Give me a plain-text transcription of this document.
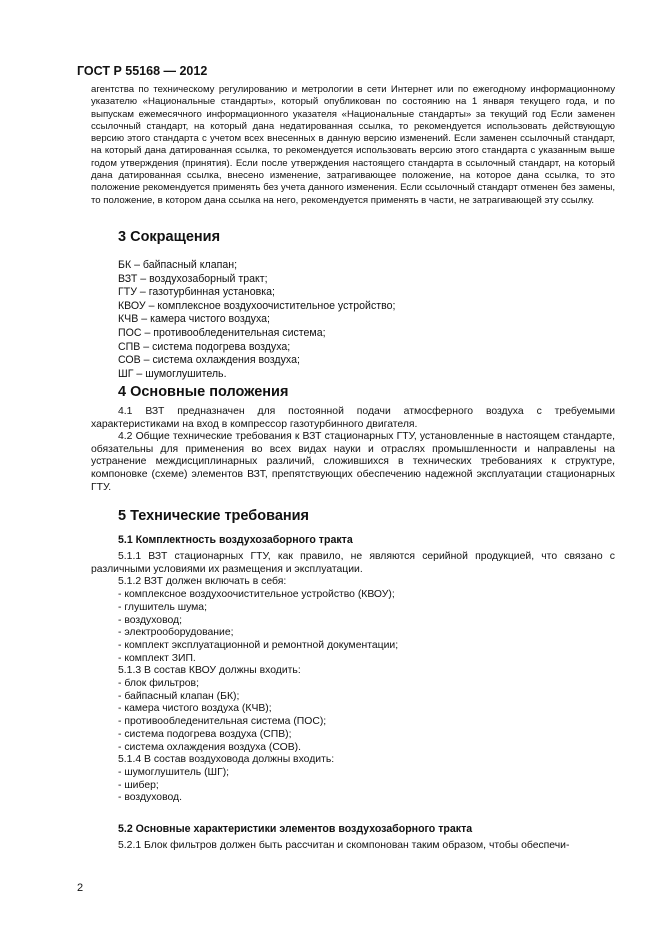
ГОСТ Р 55168 — 2012

агентства по техническому регулированию и метрологии в сети Интернет или по ежегодному информационному указателю «Национальные стандарты», который опубликован по состоянию на 1 января текущего года, и по выпускам ежемесячного информационного указателя «Национальные стандарты» за текущий год Если заменен ссылочный стандарт, на который дана недатированная ссылка, то рекомендуется использовать действующую версию этого стандарта с учетом всех внесенных в данную версию изменений. Если заменен ссылочный стандарт, на который дана датированная ссылка, то рекомендуется использовать версию этого стандарта с указанным выше годом утверждения (принятия). Если после утверждения настоящего стандарта в ссылочный стандарт, на который дана датированная ссылка, внесено изменение, затрагивающее положение, на которое дана ссылка, то это положение рекомендуется применять без учета данного изменения. Если ссылочный стандарт отменен без замены, то положение, в котором дана ссылка на него, рекомендуется применять в части, не затрагивающей эту ссылку.

3 Сокращения
БК – байпасный клапан;
ВЗТ – воздухозаборный тракт;
ГТУ – газотурбинная установка;
КВОУ – комплексное воздухоочистительное устройство;
КЧВ – камера чистого воздуха;
ПОС – противообледенительная система;
СПВ – система подогрева воздуха;
СОВ – система охлаждения воздуха;
ШГ – шумоглушитель.
4 Основные положения

4.1 ВЗТ предназначен для постоянной подачи атмосферного воздуха с требуемыми характеристиками на вход в компрессор газотурбинного двигателя.

4.2 Общие технические требования к ВЗТ стационарных ГТУ, установленные в настоящем стандарте, обязательны для применения во всех видах науки и отраслях промышленности и направлены на устранение междисциплинарных различий, сложившихся в технических требованиях к структуре, компоновке (схеме) элементов ВЗТ, препятствующих обеспечению надежной эксплуатации стационарных ГТУ.

5 Технические требования
5.1 Комплектность воздухозаборного тракта

5.1.1 ВЗТ стационарных ГТУ, как правило, не являются серийной продукцией, что связано с различными условиями их размещения и эксплуатации.

5.1.2 ВЗТ должен включать в себя:

- комплексное воздухоочистительное устройство (КВОУ);
- глушитель шума;
- воздуховод;
- электрооборудование;
- комплект эксплуатационной и ремонтной документации;
- комплект ЗИП.

5.1.3 В состав КВОУ должны входить:

- блок фильтров;
- байпасный клапан (БК);
- камера чистого воздуха (КЧВ);
- противообледенительная система (ПОС);
- система подогрева воздуха (СПВ);
- система охлаждения воздуха (СОВ).

5.1.4 В состав воздуховода должны входить:

- шумоглушитель (ШГ);
- шибер;
- воздуховод.
5.2 Основные характеристики элементов воздухозаборного тракта

5.2.1 Блок фильтров должен быть рассчитан и скомпонован таким образом, чтобы обеспечи-

2
